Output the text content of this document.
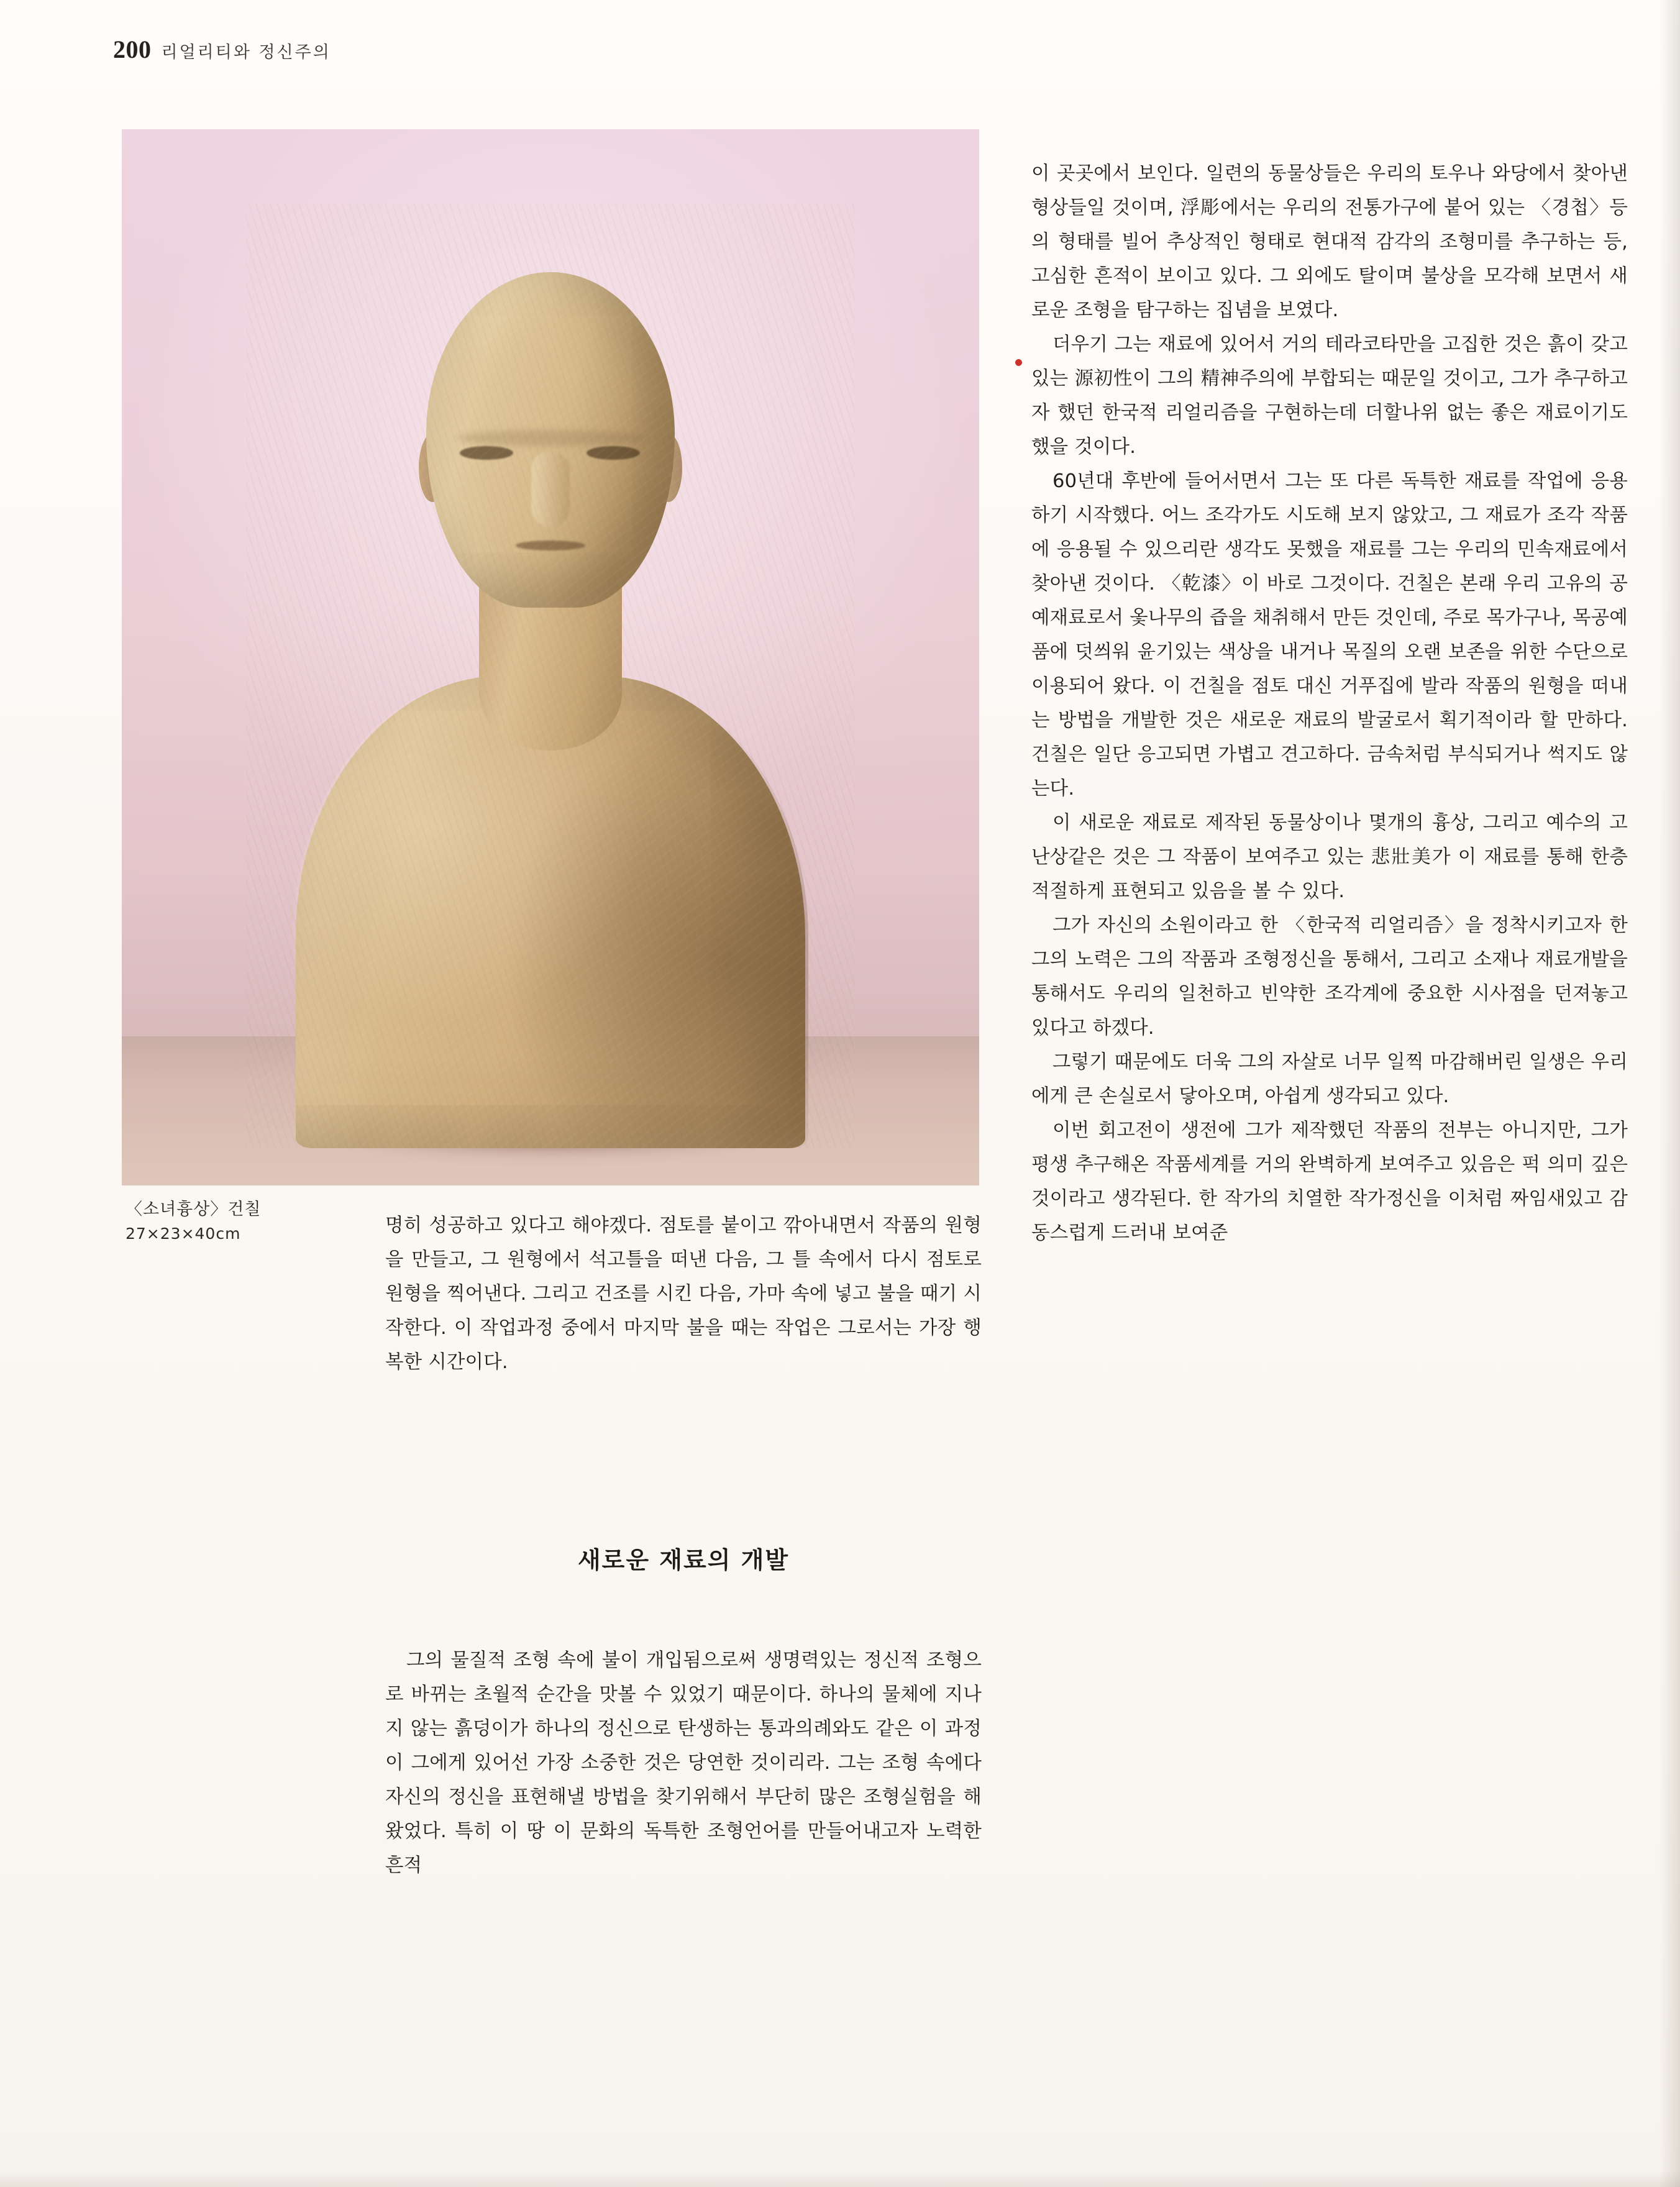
200 리얼리티와 정신주의
〈소녀흉상〉건칠
27×23×40cm	명히 성공하고 있다고 해야겠다. 점토를 붙이고 깎아내면서 작품의 원형을 만들고, 그 원형에서 석고틀을 떠낸 다음, 그 틀 속에서 다시 점토로 원형을 찍어낸다. 그리고 건조를 시킨 다음, 가마 속에 넣고 불을 때기 시작한다. 이 작업과정 중에서 마지막 불을 때는 작업은 그로서는 가장 행복한 시간이다.

새로운 재료의 개발

그의 물질적 조형 속에 불이 개입됨으로써 생명력있는 정신적 조형으로 바뀌는 초월적 순간을 맛볼 수 있었기 때문이다. 하나의 물체에 지나지 않는 흙덩이가 하나의 정신으로 탄생하는 통과의례와도 같은 이 과정이 그에게 있어선 가장 소중한 것은 당연한 것이리라. 그는 조형 속에다 자신의 정신을 표현해낼 방법을 찾기위해서 부단히 많은 조형실험을 해왔었다. 특히 이 땅 이 문화의 독특한 조형언어를 만들어내고자 노력한 흔적

이 곳곳에서 보인다. 일련의 동물상들은 우리의 토우나 와당에서 찾아낸 형상들일 것이며, 浮彫에서는 우리의 전통가구에 붙어 있는 〈경첩〉등의 형태를 빌어 추상적인 형태로 현대적 감각의 조형미를 추구하는 등, 고심한 흔적이 보이고 있다. 그 외에도 탈이며 불상을 모각해 보면서 새로운 조형을 탐구하는 집념을 보였다.

더우기 그는 재료에 있어서 거의 테라코타만을 고집한 것은 흙이 갖고 있는 源初性이 그의 精神주의에 부합되는 때문일 것이고, 그가 추구하고자 했던 한국적 리얼리즘을 구현하는데 더할나위 없는 좋은 재료이기도 했을 것이다.

60년대 후반에 들어서면서 그는 또 다른 독특한 재료를 작업에 응용하기 시작했다. 어느 조각가도 시도해 보지 않았고, 그 재료가 조각 작품에 응용될 수 있으리란 생각도 못했을 재료를 그는 우리의 민속재료에서 찾아낸 것이다. 〈乾漆〉이 바로 그것이다. 건칠은 본래 우리 고유의 공예재료로서 옻나무의 즙을 채취해서 만든 것인데, 주로 목가구나, 목공예품에 덧씌워 윤기있는 색상을 내거나 목질의 오랜 보존을 위한 수단으로 이용되어 왔다. 이 건칠을 점토 대신 거푸집에 발라 작품의 원형을 떠내는 방법을 개발한 것은 새로운 재료의 발굴로서 획기적이라 할 만하다. 건칠은 일단 응고되면 가볍고 견고하다. 금속처럼 부식되거나 썩지도 않는다.

이 새로운 재료로 제작된 동물상이나 몇개의 흉상, 그리고 예수의 고난상같은 것은 그 작품이 보여주고 있는 悲壯美가 이 재료를 통해 한층 적절하게 표현되고 있음을 볼 수 있다.

그가 자신의 소원이라고 한 〈한국적 리얼리즘〉을 정착시키고자 한 그의 노력은 그의 작품과 조형정신을 통해서, 그리고 소재나 재료개발을 통해서도 우리의 일천하고 빈약한 조각계에 중요한 시사점을 던져놓고 있다고 하겠다.

그렇기 때문에도 더욱 그의 자살로 너무 일찍 마감해버린 일생은 우리에게 큰 손실로서 닿아오며, 아쉽게 생각되고 있다.

이번 회고전이 생전에 그가 제작했던 작품의 전부는 아니지만, 그가 평생 추구해온 작품세계를 거의 완벽하게 보여주고 있음은 퍽 의미 깊은 것이라고 생각된다. 한 작가의 치열한 작가정신을 이처럼 짜임새있고 감동스럽게 드러내 보여준
